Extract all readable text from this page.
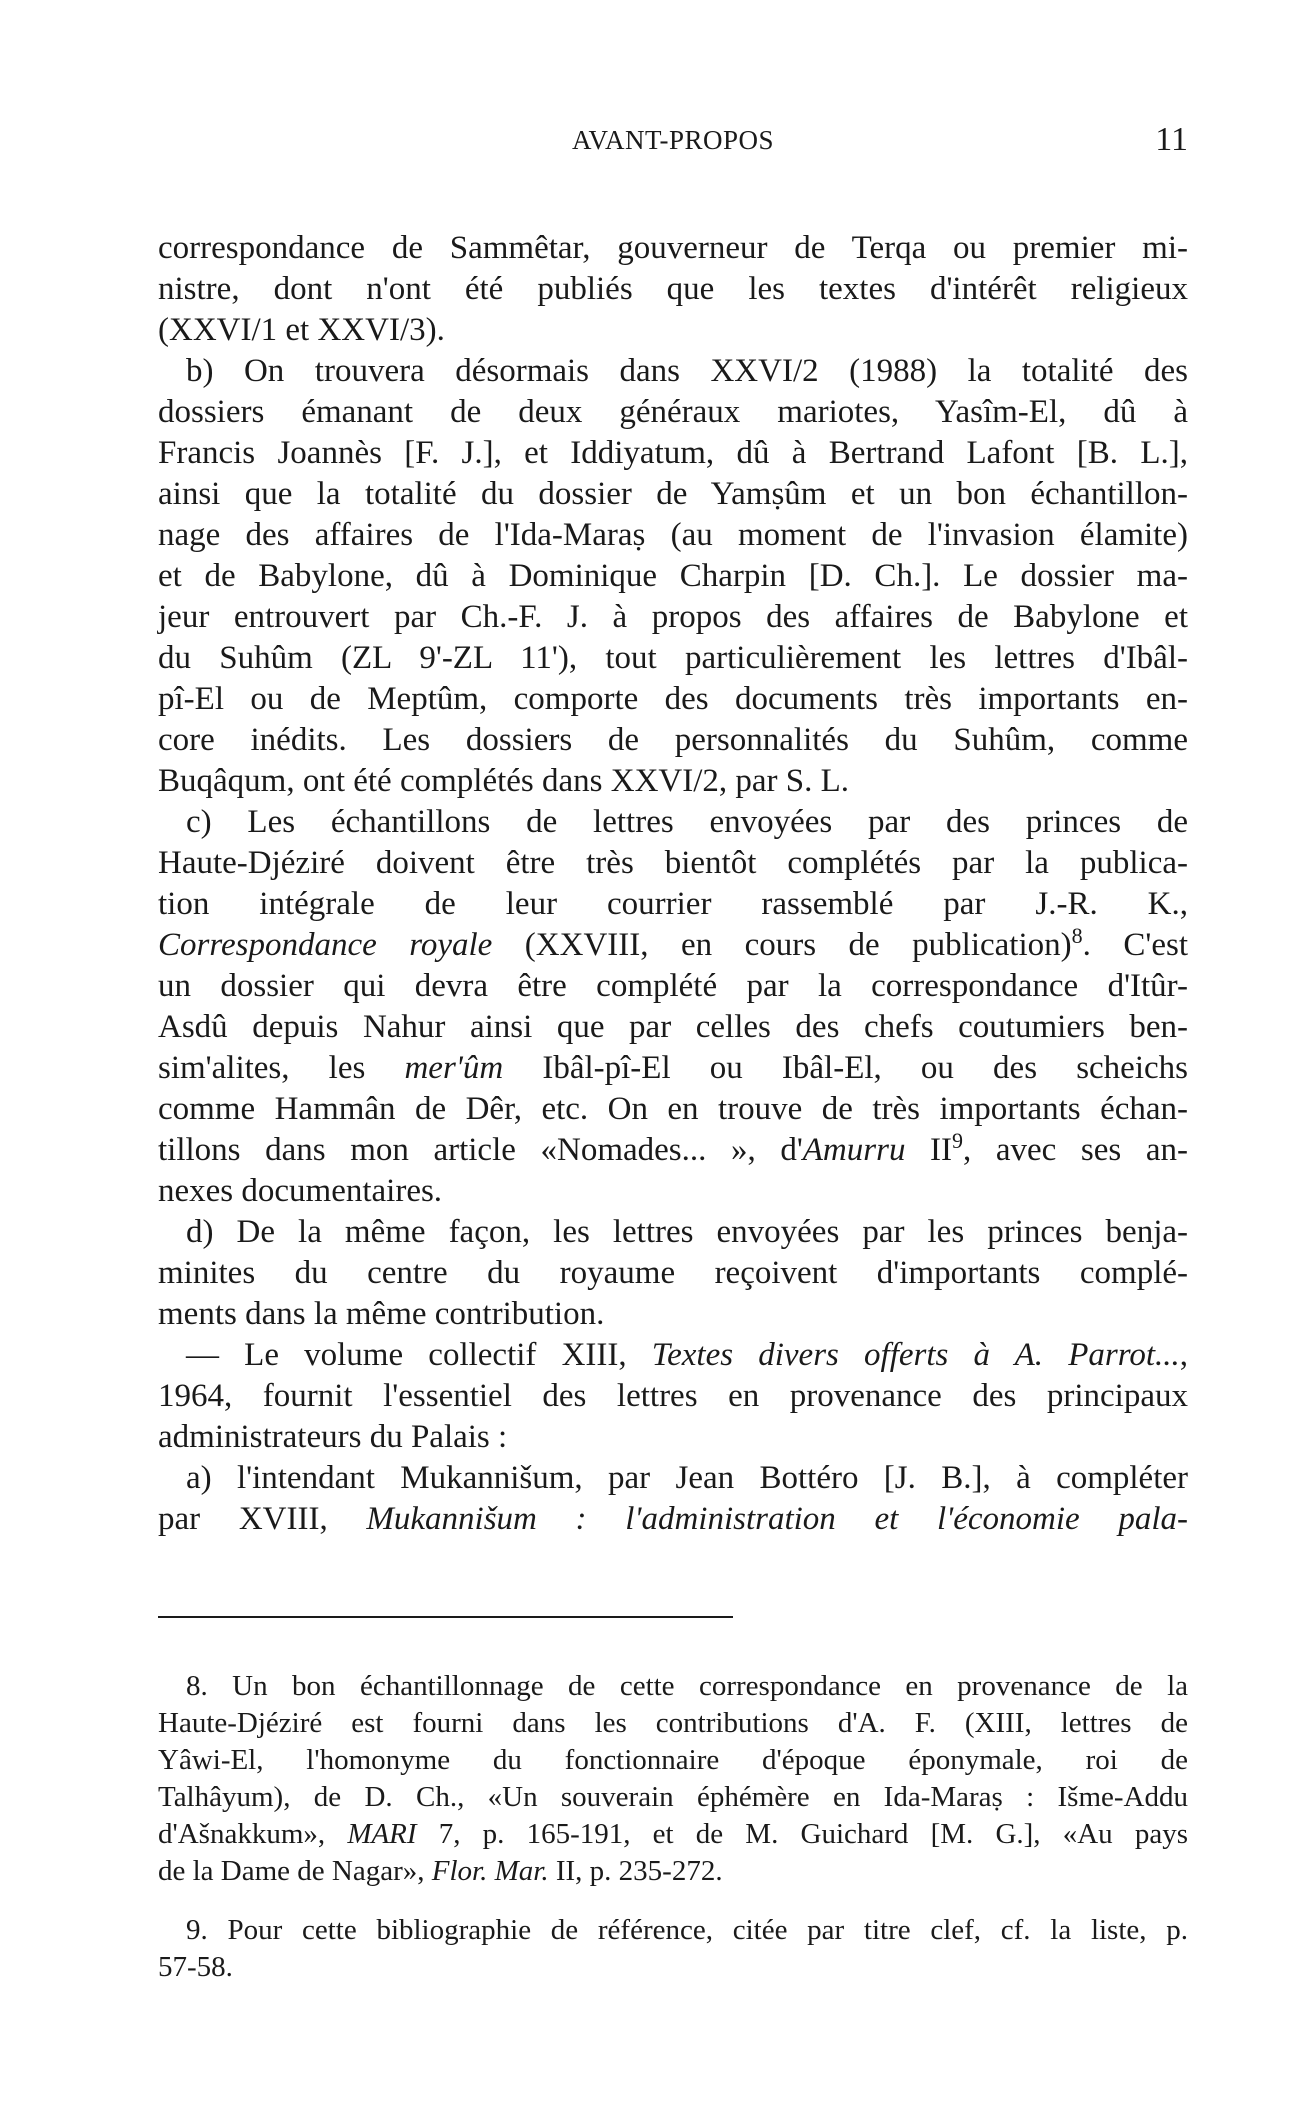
AVANT-PROPOS	11
correspondance de Sammêtar, gouverneur de Terqa ou premier mi-
nistre, dont n'ont été publiés que les textes d'intérêt religieux
(XXVI/1 et XXVI/3).
b) On trouvera désormais dans XXVI/2 (1988) la totalité des
dossiers émanant de deux généraux mariotes, Yasîm-El, dû à
Francis Joannès [F. J.], et Iddiyatum, dû à Bertrand Lafont [B. L.],
ainsi que la totalité du dossier de Yamṣûm et un bon échantillon-
nage des affaires de l'Ida-Maraṣ (au moment de l'invasion élamite)
et de Babylone, dû à Dominique Charpin [D. Ch.]. Le dossier ma-
jeur entrouvert par Ch.-F. J. à propos des affaires de Babylone et
du Suhûm (ZL 9'-ZL 11'), tout particulièrement les lettres d'Ibâl-
pî-El ou de Meptûm, comporte des documents très importants en-
core inédits. Les dossiers de personnalités du Suhûm, comme
Buqâqum, ont été complétés dans XXVI/2, par S. L.
c) Les échantillons de lettres envoyées par des princes de
Haute-Djéziré doivent être très bientôt complétés par la publica-
tion intégrale de leur courrier rassemblé par J.-R. K.,
Correspondance royale (XXVIII, en cours de publication)$^8$. C'est
un dossier qui devra être complété par la correspondance d'Itûr-
Asdû depuis Nahur ainsi que par celles des chefs coutumiers ben-
sim'alites, les mer'ûm Ibâl-pî-El ou Ibâl-El, ou des scheichs
comme Hammân de Dêr, etc. On en trouve de très importants échan-
tillons dans mon article «Nomades... », d'Amurru $II^9$, avec ses an-
nexes documentaires.
d) De la même façon, les lettres envoyées par les princes benja-
minites du centre du royaume reçoivent d'importants complé-
ments dans la même contribution.
— Le volume collectif XIII, Textes divers offerts à A. Parrot...,
1964, fournit l'essentiel des lettres en provenance des principaux
administrateurs du Palais :
a) l'intendant Mukannišum, par Jean Bottéro [J. B.], à compléter
par XVIII, Mukannišum : l'administration et l'économie pala-
8. Un bon échantillonnage de cette correspondance en provenance de la
Haute-Djéziré est fourni dans les contributions d'A. F. (XIII, lettres de
Yâwi-El, l'homonyme du fonctionnaire d'époque éponymale, roi de
Talhâyum), de D. Ch., «Un souverain éphémère en Ida-Maraṣ : Išme-Addu
d'Ašnakkum», MARI 7, p. 165-191, et de M. Guichard [M. G.], «Au pays
de la Dame de Nagar», Flor. Mar. II, p. 235-272.
9. Pour cette bibliographie de référence, citée par titre clef, cf. la liste, p.
57-58.
